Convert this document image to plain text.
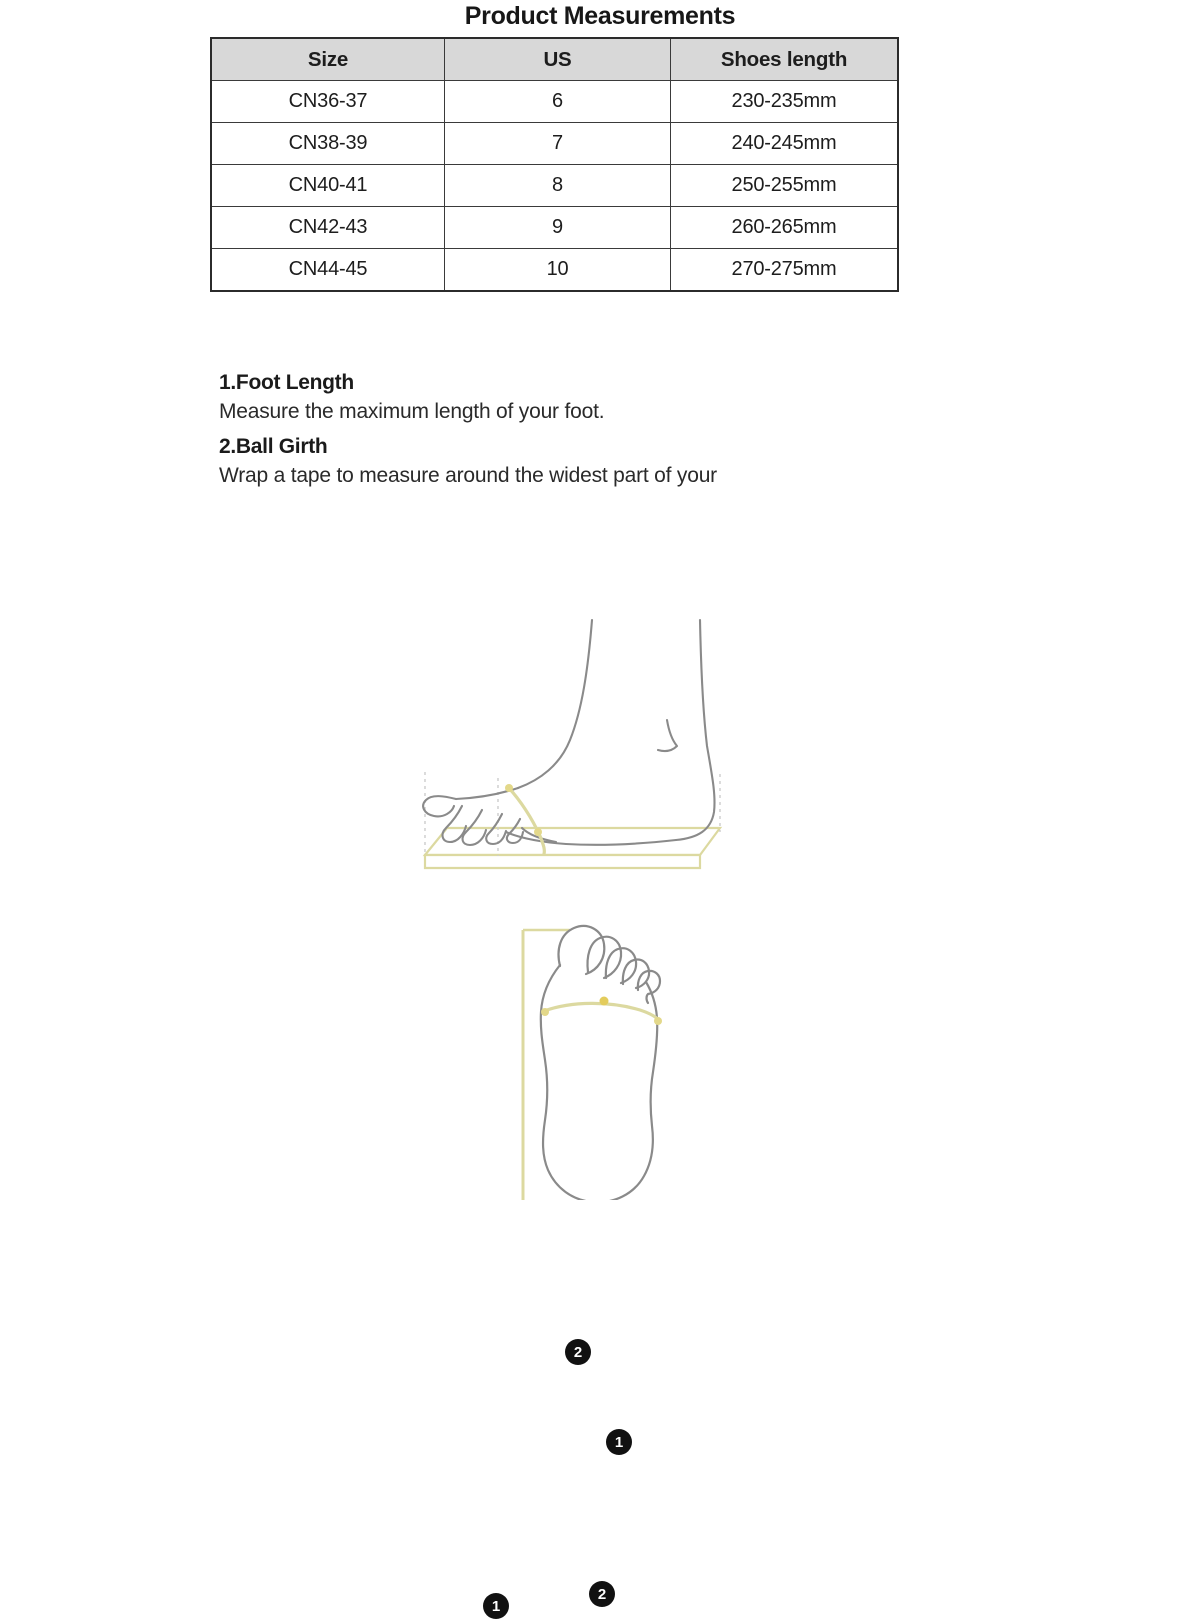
Product Measurements
Size	US	Shoes length
CN36-37	6	230-235mm
CN38-39	7	240-245mm
CN40-41	8	250-255mm
CN42-43	9	260-265mm
CN44-45	10	270-275mm

1.Foot Length

Measure the maximum length of your foot.

2.Ball Girth

Wrap a tape to measure around the widest part of your

2
1
1
2
